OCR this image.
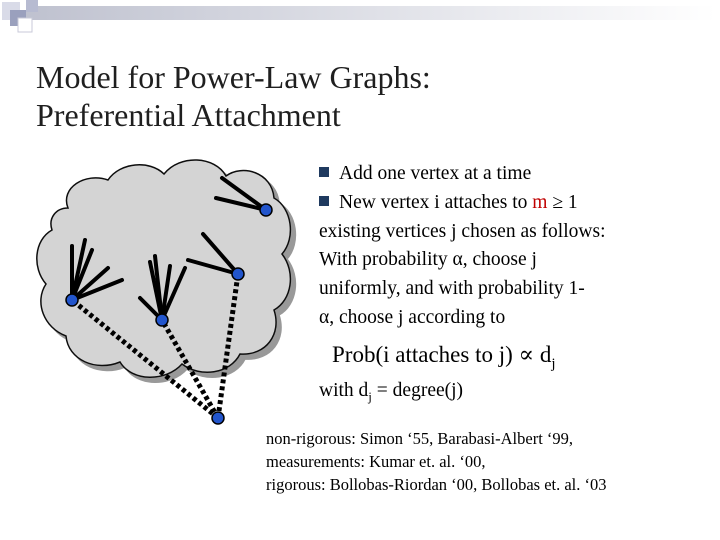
Model for Power-Law Graphs:
Preferential Attachment
Add one vertex at a time
New vertex i attaches to m ≥ 1
existing vertices j chosen as follows:
With probability α, choose j
uniformly, and with probability 1-
α, choose j according to
Prob(i attaches to $j) \propto d_j$
with $d_j$ = degree(j)
non-rigorous: Simon ‘55, Barabasi-Albert ‘99,
measurements: Kumar et. al. ‘00,
rigorous: Bollobas-Riordan ‘00, Bollobas et. al. ‘03
